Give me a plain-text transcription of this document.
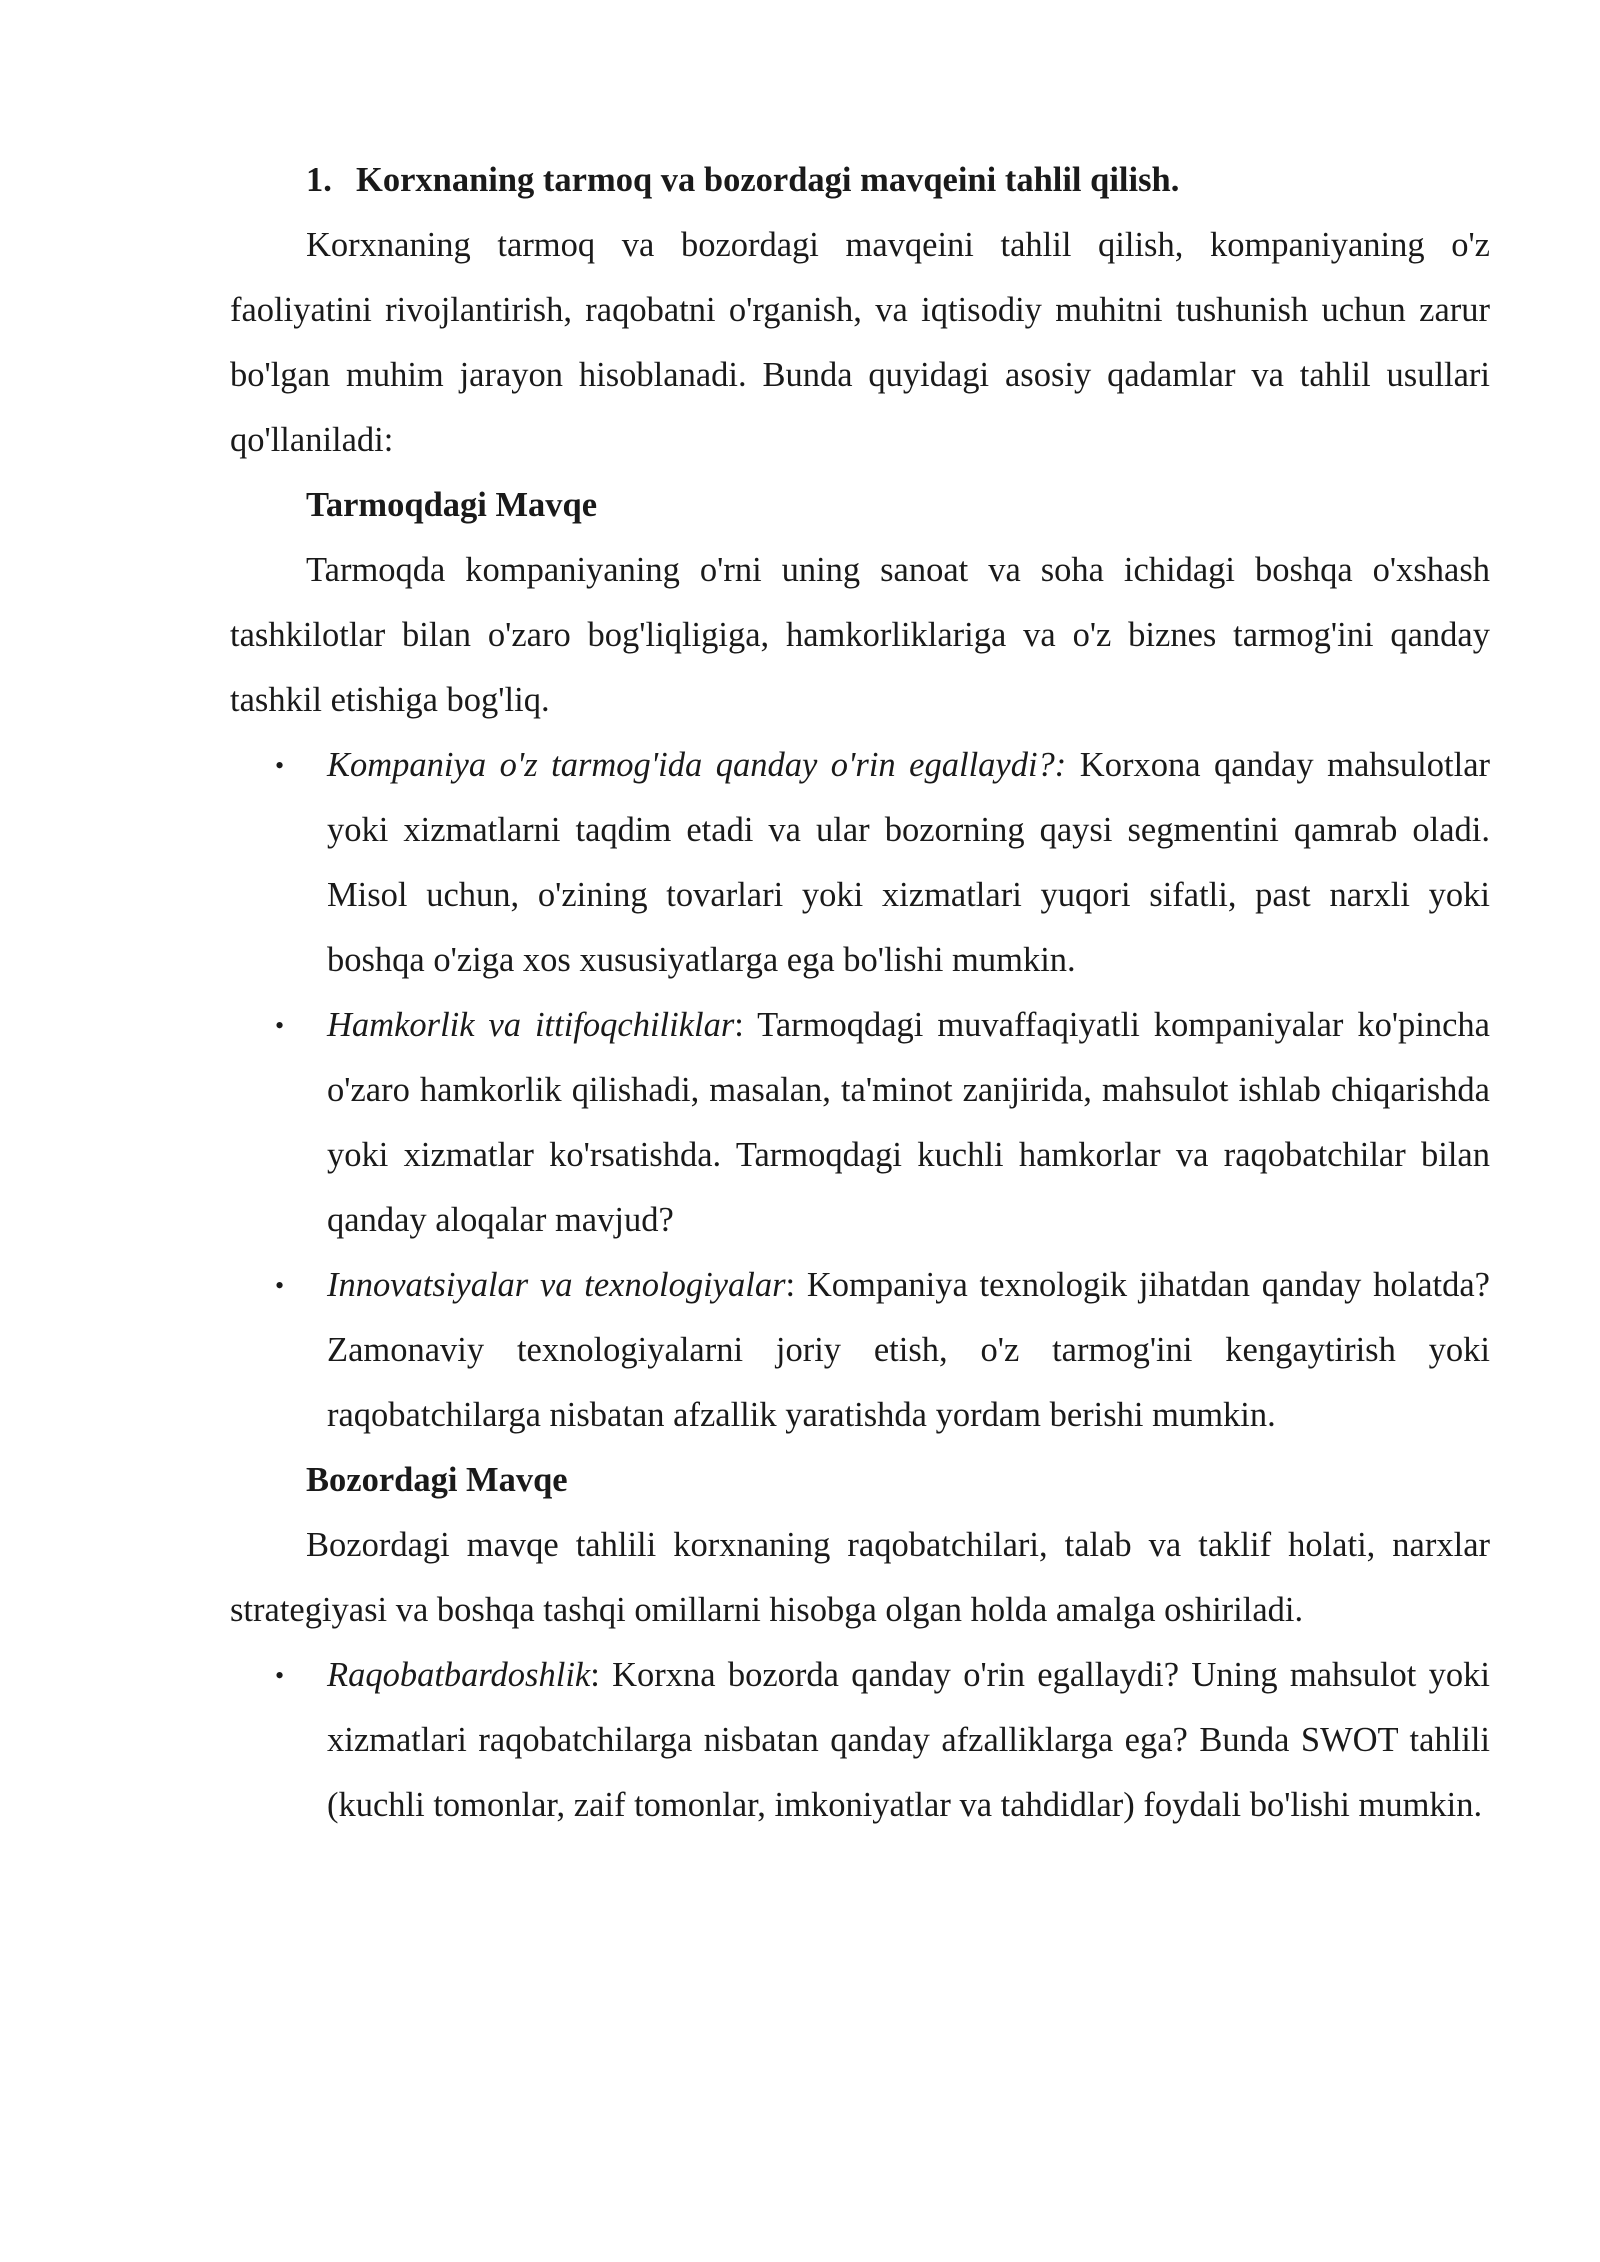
1. Korxnaning tarmoq va bozordagi mavqeini tahlil qilish.

Korxnaning tarmoq va bozordagi mavqeini tahlil qilish, kompaniyaning o'z faoliyatini rivojlantirish, raqobatni o'rganish, va iqtisodiy muhitni tushunish uchun zarur bo'lgan muhim jarayon hisoblanadi. Bunda quyidagi asosiy qadamlar va tahlil usullari qo'llaniladi:

Tarmoqdagi Mavqe

Tarmoqda kompaniyaning o'rni uning sanoat va soha ichidagi boshqa o'xshash tashkilotlar bilan o'zaro bog'liqligiga, hamkorliklariga va o'z biznes tarmog'ini qanday tashkil etishiga bog'liq.

• Kompaniya o'z tarmog'ida qanday o'rin egallaydi?: Korxona qanday mahsulotlar yoki xizmatlarni taqdim etadi va ular bozorning qaysi segmentini qamrab oladi. Misol uchun, o'zining tovarlari yoki xizmatlari yuqori sifatli, past narxli yoki boshqa o'ziga xos xususiyatlarga ega bo'lishi mumkin.
• Hamkorlik va ittifoqchiliklar: Tarmoqdagi muvaffaqiyatli kompaniyalar ko'pincha o'zaro hamkorlik qilishadi, masalan, ta'minot zanjirida, mahsulot ishlab chiqarishda yoki xizmatlar ko'rsatishda. Tarmoqdagi kuchli hamkorlar va raqobatchilar bilan qanday aloqalar mavjud?
• Innovatsiyalar va texnologiyalar: Kompaniya texnologik jihatdan qanday holatda? Zamonaviy texnologiyalarni joriy etish, o'z tarmog'ini kengaytirish yoki raqobatchilarga nisbatan afzallik yaratishda yordam berishi mumkin.

Bozordagi Mavqe

Bozordagi mavqe tahlili korxnaning raqobatchilari, talab va taklif holati, narxlar strategiyasi va boshqa tashqi omillarni hisobga olgan holda amalga oshiriladi.

• Raqobatbardoshlik: Korxna bozorda qanday o'rin egallaydi? Uning mahsulot yoki xizmatlari raqobatchilarga nisbatan qanday afzalliklarga ega? Bunda SWOT tahlili (kuchli tomonlar, zaif tomonlar, imkoniyatlar va tahdidlar) foydali bo'lishi mumkin.
